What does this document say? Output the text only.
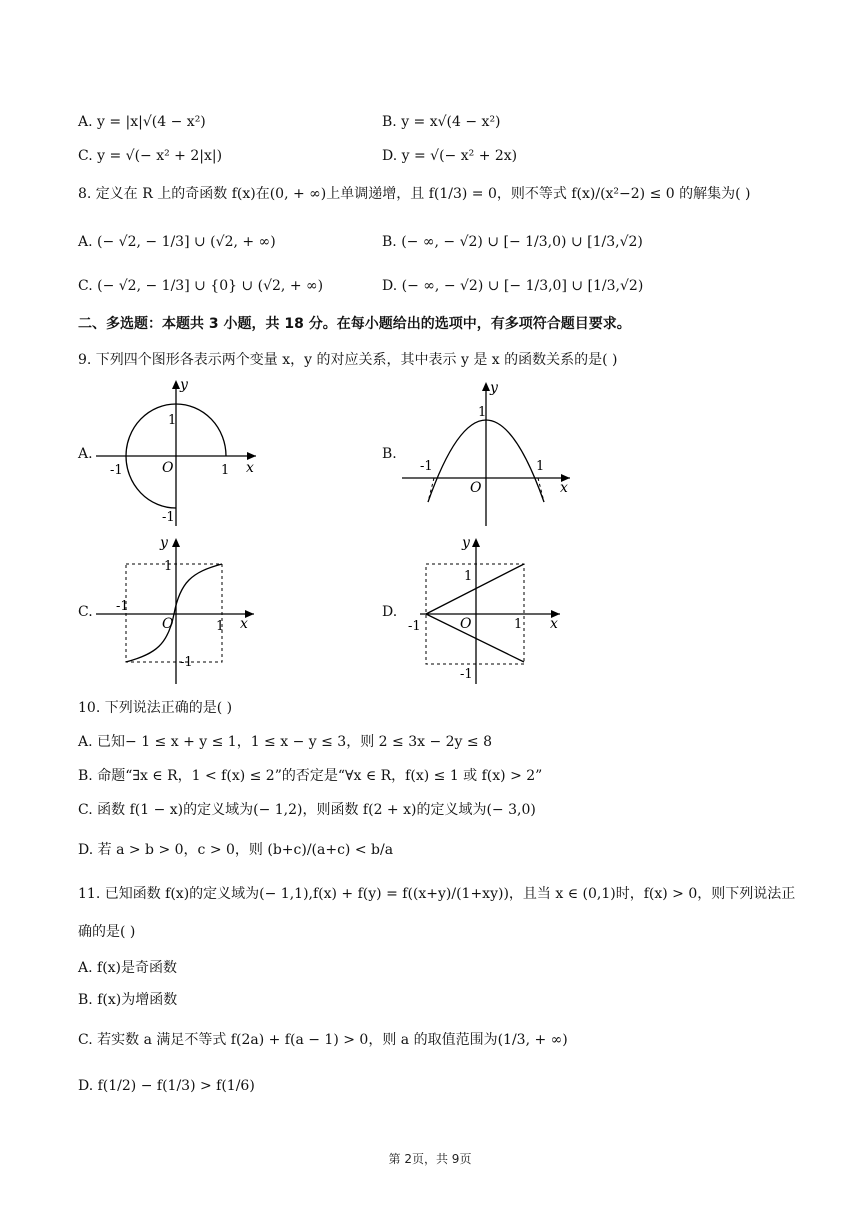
A. y = |x|√(4 − x²)	B. y = x√(4 − x²)
C. y = √(− x² + 2|x|)	D. y = √(− x² + 2x)
8. 定义在 R 上的奇函数 f(x)在(0, + ∞)上单调递增，且 f(1/3) = 0，则不等式 f(x)/(x²−2) ≤ 0 的解集为( )
A. (− √2, − 1/3] ∪ (√2, + ∞)	B. (− ∞, − √2) ∪ [− 1/3,0) ∪ [1/3,√2)
C. (− √2, − 1/3] ∪ {0} ∪ (√2, + ∞)	D. (− ∞, − √2) ∪ [− 1/3,0] ∪ [1/3,√2)
二、多选题：本题共 3 小题，共 18 分。在每小题给出的选项中，有多项符合题目要求。
9. 下列四个图形各表示两个变量 x，y 的对应关系，其中表示 y 是 x 的函数关系的是( )
A.
y
x
O
1
1
-1
-1
B.
y
x
O
1
1
-1
C.
y
x
O
1
1
-1
-1
D.
y
x
O
1
1
-1
-1
10. 下列说法正确的是( )
A. 已知− 1 ≤ x + y ≤ 1，1 ≤ x − y ≤ 3，则 2 ≤ 3x − 2y ≤ 8
B. 命题“∃x ∈ R，1 < f(x) ≤ 2”的否定是“∀x ∈ R，f(x) ≤ 1 或 f(x) > 2”
C. 函数 f(1 − x)的定义域为(− 1,2)，则函数 f(2 + x)的定义域为(− 3,0)
D. 若 a > b > 0，c > 0，则 (b+c)/(a+c) < b/a
11. 已知函数 f(x)的定义域为(− 1,1),f(x) + f(y) = f((x+y)/(1+xy))，且当 x ∈ (0,1)时，f(x) > 0，则下列说法正
确的是( )
A. f(x)是奇函数
B. f(x)为增函数
C. 若实数 a 满足不等式 f(2a) + f(a − 1) > 0，则 a 的取值范围为(1/3, + ∞)
D. f(1/2) − f(1/3) > f(1/6)
第 2页，共 9页
